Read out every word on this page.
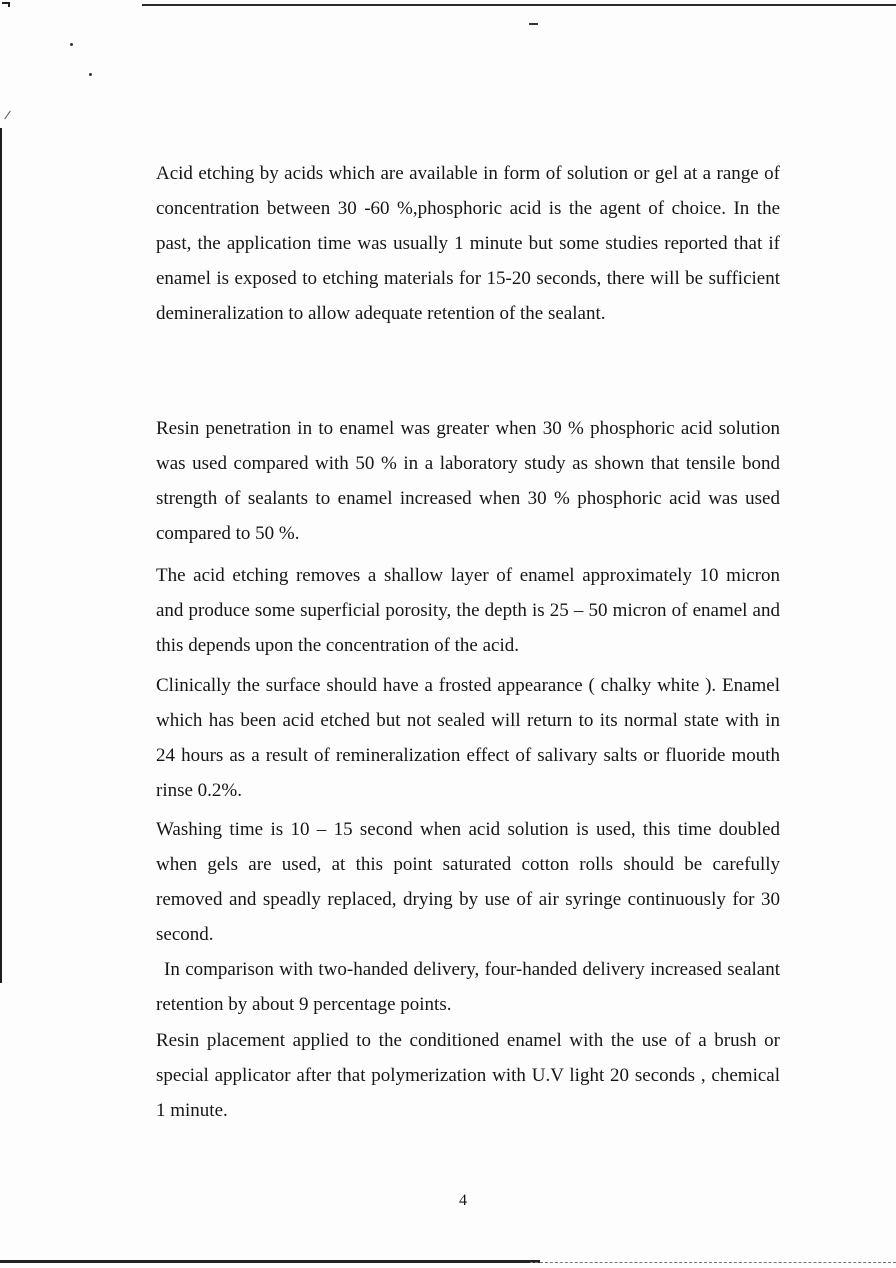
Acid etching by acids which are available in form of solution or gel at a range of concentration between 30 -60 %,phosphoric acid is the agent of choice. In the past, the application time was usually 1 minute but some studies reported that if enamel is exposed to etching materials for 15-20 seconds, there will be sufficient demineralization to allow adequate retention of the sealant.

Resin penetration in to enamel was greater when 30 % phosphoric acid solution was used compared with 50 % in a laboratory study as shown that tensile bond strength of sealants to enamel increased when 30 % phosphoric acid was used compared to 50 %.

The acid etching removes a shallow layer of enamel approximately 10 micron and produce some superficial porosity, the depth is 25 – 50 micron of enamel and this depends upon the concentration of the acid.

Clinically the surface should have a frosted appearance ( chalky white ). Enamel which has been acid etched but not sealed will return to its normal state with in 24 hours as a result of remineralization effect of salivary salts or fluoride mouth rinse 0.2%.

Washing time is 10 – 15 second when acid solution is used, this time doubled when gels are used, at this point saturated cotton rolls should be carefully removed and speadly replaced, drying by use of air syringe continuously for 30 second.

In comparison with two-handed delivery, four-handed delivery increased sealant retention by about 9 percentage points.

Resin placement applied to the conditioned enamel with the use of a brush or special applicator after that polymerization with U.V light 20 seconds , chemical 1 minute.

4
